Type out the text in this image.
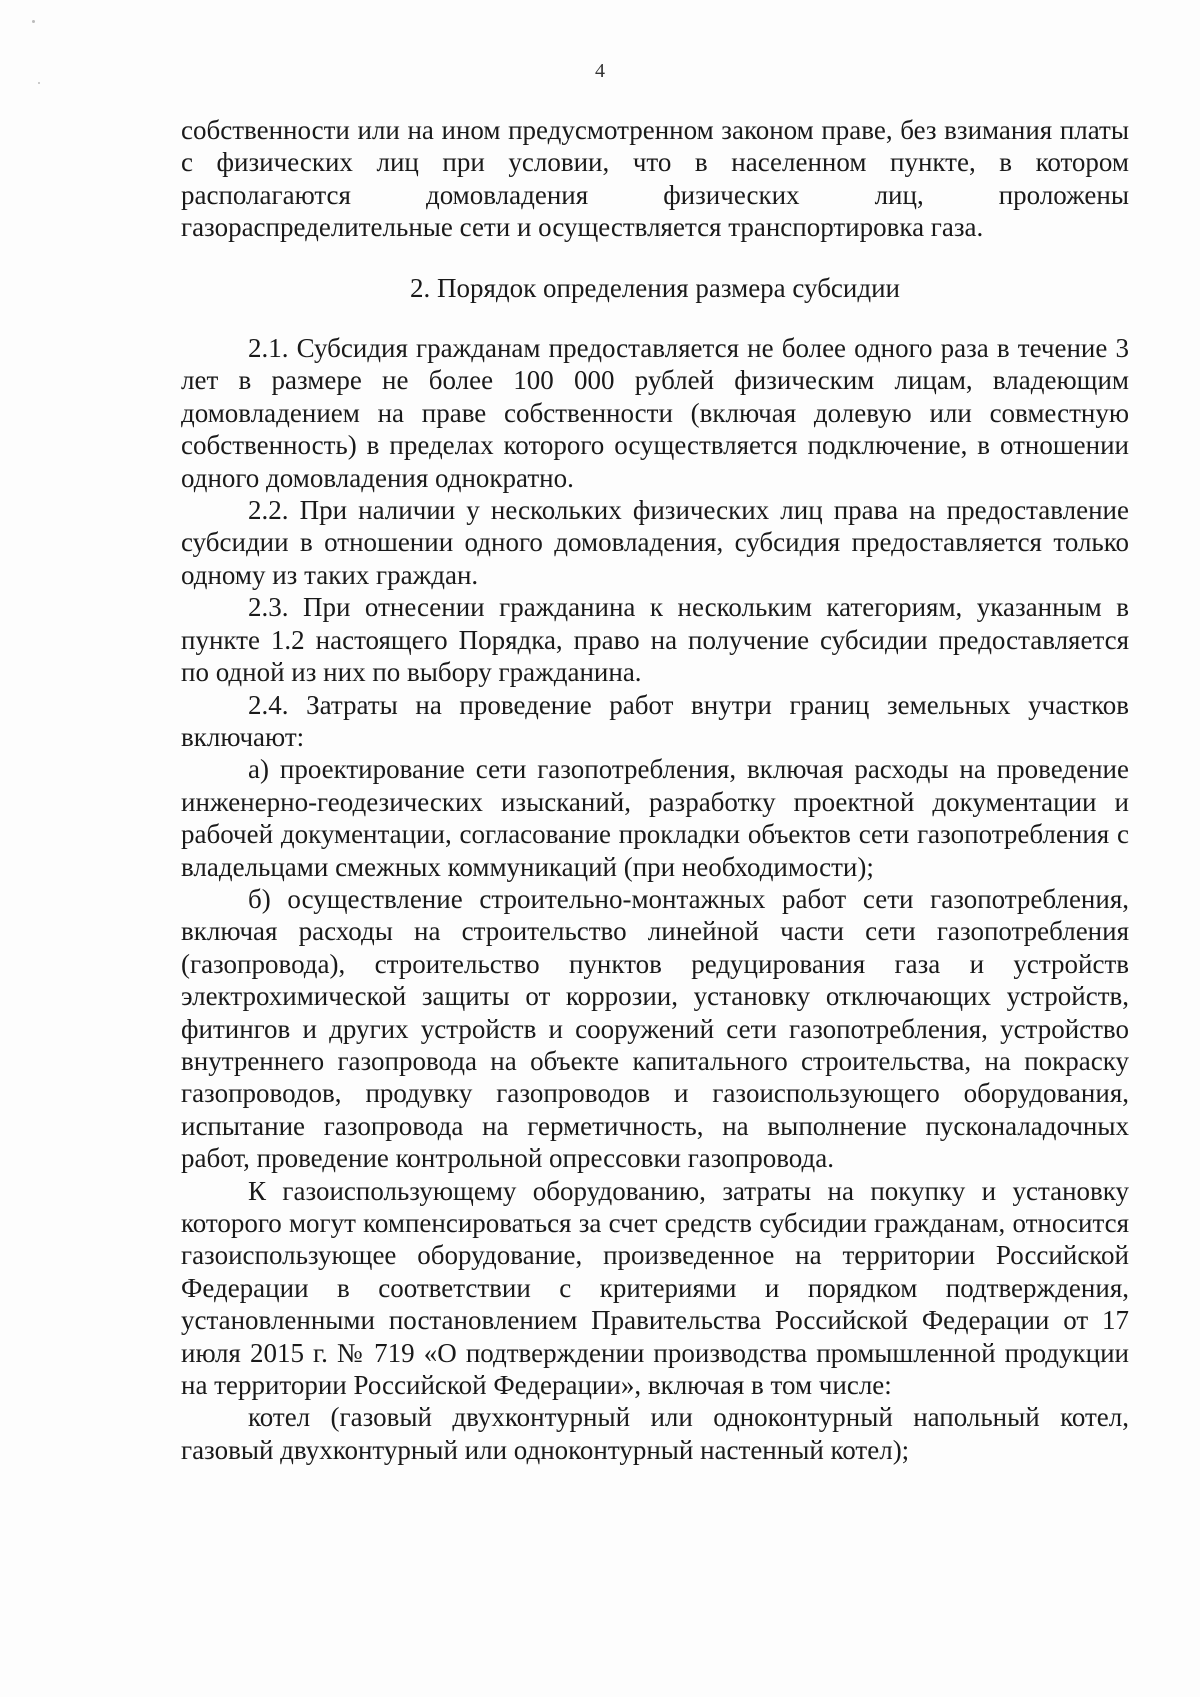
4

собственности или на ином предусмотренном законом праве, без взимания платы с физических лиц при условии, что в населенном пункте, в котором располагаются домовладения физических лиц, проложены газораспределительные сети и осуществляется транспортировка газа.

2. Порядок определения размера субсидии

2.1. Субсидия гражданам предоставляется не более одного раза в течение 3 лет в размере не более 100 000 рублей физическим лицам, владеющим домовладением на праве собственности (включая долевую или совместную собственность) в пределах которого осуществляется подключение, в отношении одного домовладения однократно.

2.2. При наличии у нескольких физических лиц права на предоставление субсидии в отношении одного домовладения, субсидия предоставляется только одному из таких граждан.

2.3. При отнесении гражданина к нескольким категориям, указанным в пункте 1.2 настоящего Порядка, право на получение субсидии предоставляется по одной из них по выбору гражданина.

2.4. Затраты на проведение работ внутри границ земельных участков включают:

а) проектирование сети газопотребления, включая расходы на проведение инженерно-геодезических изысканий, разработку проектной документации и рабочей документации, согласование прокладки объектов сети газопотребления с владельцами смежных коммуникаций (при необходимости);

б) осуществление строительно-монтажных работ сети газопотребления, включая расходы на строительство линейной части сети газопотребления (газопровода), строительство пунктов редуцирования газа и устройств электрохимической защиты от коррозии, установку отключающих устройств, фитингов и других устройств и сооружений сети газопотребления, устройство внутреннего газопровода на объекте капитального строительства, на покраску газопроводов, продувку газопроводов и газоиспользующего оборудования, испытание газопровода на герметичность, на выполнение пусконаладочных работ, проведение контрольной опрессовки газопровода.

К газоиспользующему оборудованию, затраты на покупку и установку которого могут компенсироваться за счет средств субсидии гражданам, относится газоиспользующее оборудование, произведенное на территории Российской Федерации в соответствии с критериями и порядком подтверждения, установленными постановлением Правительства Российской Федерации от 17 июля 2015 г. № 719 «О подтверждении производства промышленной продукции на территории Российской Федерации», включая в том числе:

котел (газовый двухконтурный или одноконтурный напольный котел, газовый двухконтурный или одноконтурный настенный котел);
